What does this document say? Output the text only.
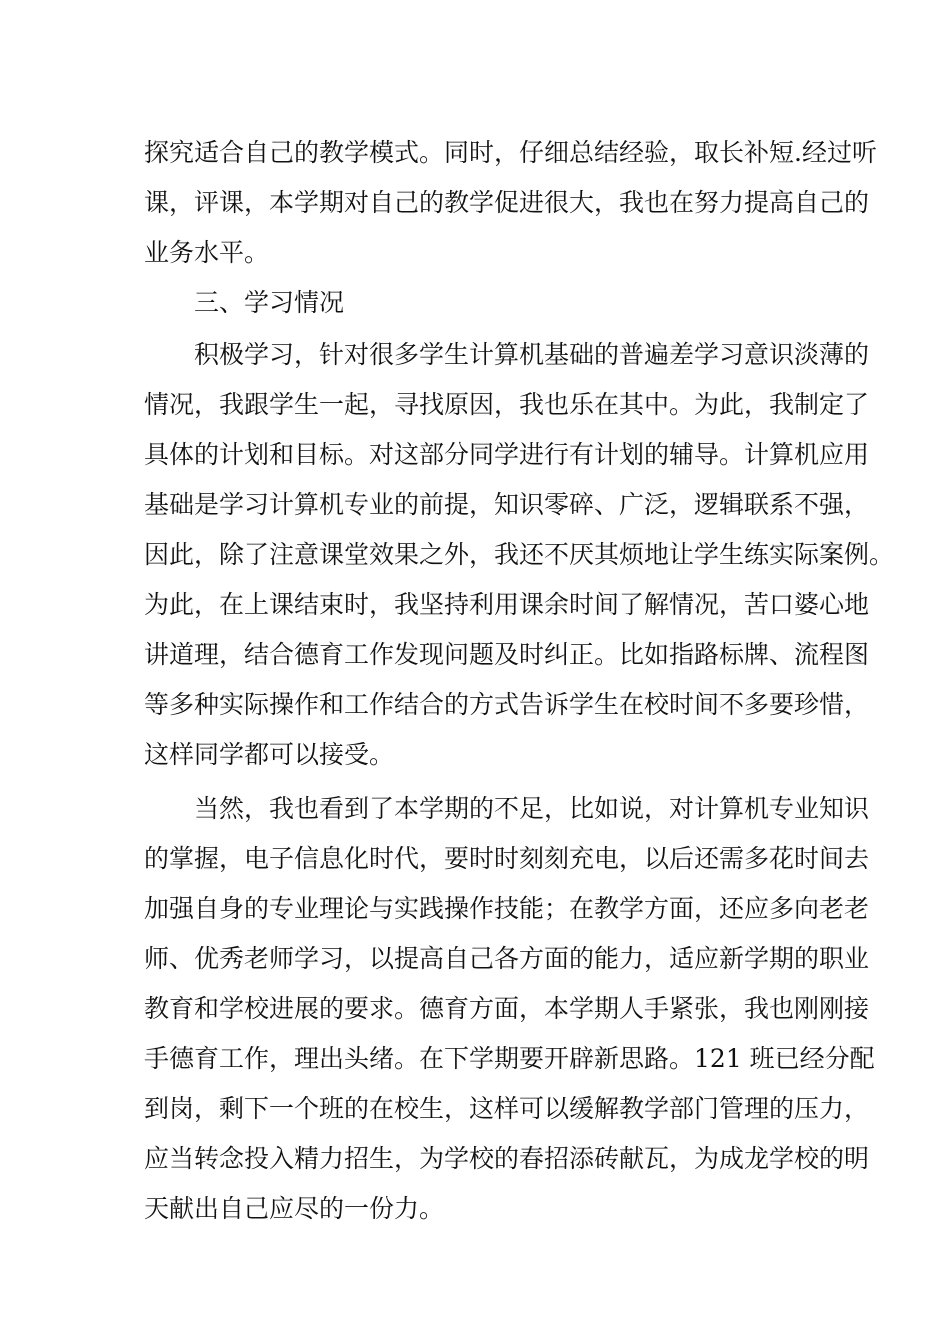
探究适合自己的教学模式。同时，仔细总结经验，取长补短.经过听
课，评课，本学期对自己的教学促进很大，我也在努力提高自己的
业务水平。
三、学习情况
积极学习，针对很多学生计算机基础的普遍差学习意识淡薄的
情况，我跟学生一起，寻找原因，我也乐在其中。为此，我制定了
具体的计划和目标。对这部分同学进行有计划的辅导。计算机应用
基础是学习计算机专业的前提，知识零碎、广泛，逻辑联系不强，
因此，除了注意课堂效果之外，我还不厌其烦地让学生练实际案例。
为此，在上课结束时，我坚持利用课余时间了解情况，苦口婆心地
讲道理，结合德育工作发现问题及时纠正。比如指路标牌、流程图
等多种实际操作和工作结合的方式告诉学生在校时间不多要珍惜，
这样同学都可以接受。
当然，我也看到了本学期的不足，比如说，对计算机专业知识
的掌握，电子信息化时代，要时时刻刻充电，以后还需多花时间去
加强自身的专业理论与实践操作技能；在教学方面，还应多向老老
师、优秀老师学习，以提高自己各方面的能力，适应新学期的职业
教育和学校进展的要求。德育方面，本学期人手紧张，我也刚刚接
手德育工作，理出头绪。在下学期要开辟新思路。121 班已经分配
到岗，剩下一个班的在校生，这样可以缓解教学部门管理的压力，
应当转念投入精力招生，为学校的春招添砖献瓦，为成龙学校的明
天献出自己应尽的一份力。
